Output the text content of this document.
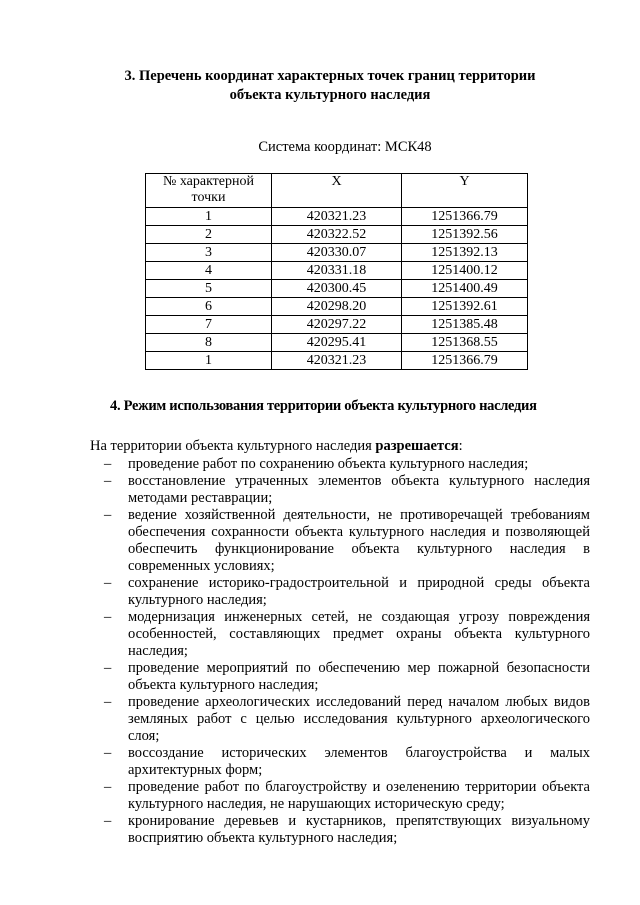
3. Перечень координат характерных точек границ территории
объекта культурного наследия
Система координат: МСК48
№ характерной точки	X	Y
1	420321.23	1251366.79
2	420322.52	1251392.56
3	420330.07	1251392.13
4	420331.18	1251400.12
5	420300.45	1251400.49
6	420298.20	1251392.61
7	420297.22	1251385.48
8	420295.41	1251368.55
1	420321.23	1251366.79
4. Режим использования территории объекта культурного наследия
На территории объекта культурного наследия разрешается:
– проведение работ по сохранению объекта культурного наследия;
– восстановление утраченных элементов объекта культурного наследия методами реставрации;
– ведение хозяйственной деятельности, не противоречащей требованиям обеспечения сохранности объекта культурного наследия и позволяющей обеспечить функционирование объекта культурного наследия в современных условиях;
– сохранение историко-градостроительной и природной среды объекта культурного наследия;
– модернизация инженерных сетей, не создающая угрозу повреждения особенностей, составляющих предмет охраны объекта культурного наследия;
– проведение мероприятий по обеспечению мер пожарной безопасности объекта культурного наследия;
– проведение археологических исследований перед началом любых видов земляных работ с целью исследования культурного археологического слоя;
– воссоздание исторических элементов благоустройства и малых архитектурных форм;
– проведение работ по благоустройству и озеленению территории объекта культурного наследия, не нарушающих историческую среду;
– кронирование деревьев и кустарников, препятствующих визуальному восприятию объекта культурного наследия;
